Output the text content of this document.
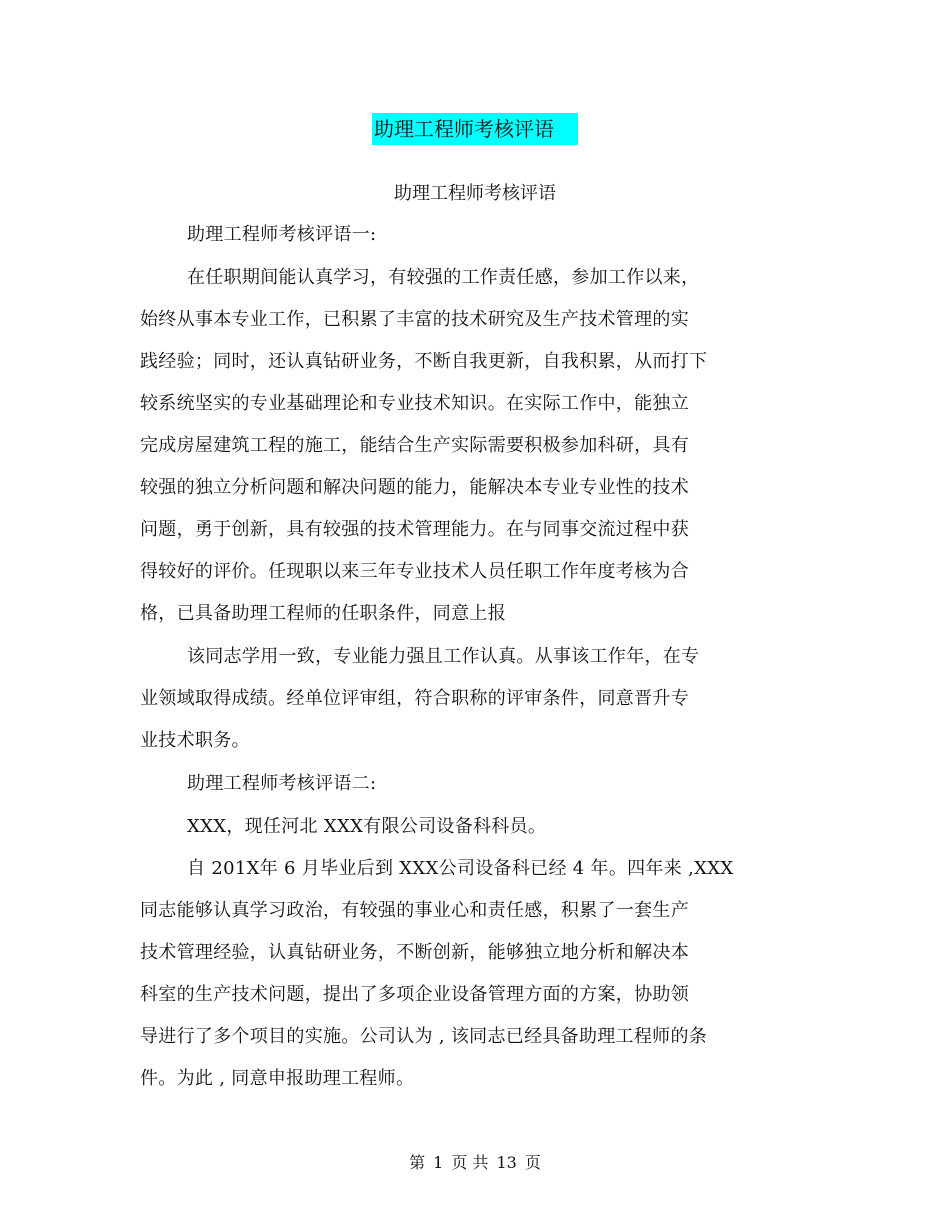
助理工程师考核评语
助理工程师考核评语
助理工程师考核评语一:
在任职期间能认真学习，有较强的工作责任感，参加工作以来，
始终从事本专业工作，已积累了丰富的技术研究及生产技术管理的实
践经验；同时，还认真钻研业务，不断自我更新，自我积累，从而打下
较系统坚实的专业基础理论和专业技术知识。在实际工作中，能独立
完成房屋建筑工程的施工，能结合生产实际需要积极参加科研，具有
较强的独立分析问题和解决问题的能力，能解决本专业专业性的技术
问题，勇于创新，具有较强的技术管理能力。在与同事交流过程中获
得较好的评价。任现职以来三年专业技术人员任职工作年度考核为合
格，已具备助理工程师的任职条件，同意上报
该同志学用一致，专业能力强且工作认真。从事该工作年，在专
业领域取得成绩。经单位评审组，符合职称的评审条件，同意晋升专
业技术职务。
助理工程师考核评语二:
XXX，现任河北 XXX有限公司设备科科员。
自 201X年 6 月毕业后到 XXX公司设备科已经 4 年。四年来 ,XXX
同志能够认真学习政治，有较强的事业心和责任感，积累了一套生产
技术管理经验，认真钻研业务，不断创新，能够独立地分析和解决本
科室的生产技术问题，提出了多项企业设备管理方面的方案，协助领
导进行了多个项目的实施。公司认为 , 该同志已经具备助理工程师的条
件。为此 , 同意申报助理工程师。
第 1 页 共 13 页
